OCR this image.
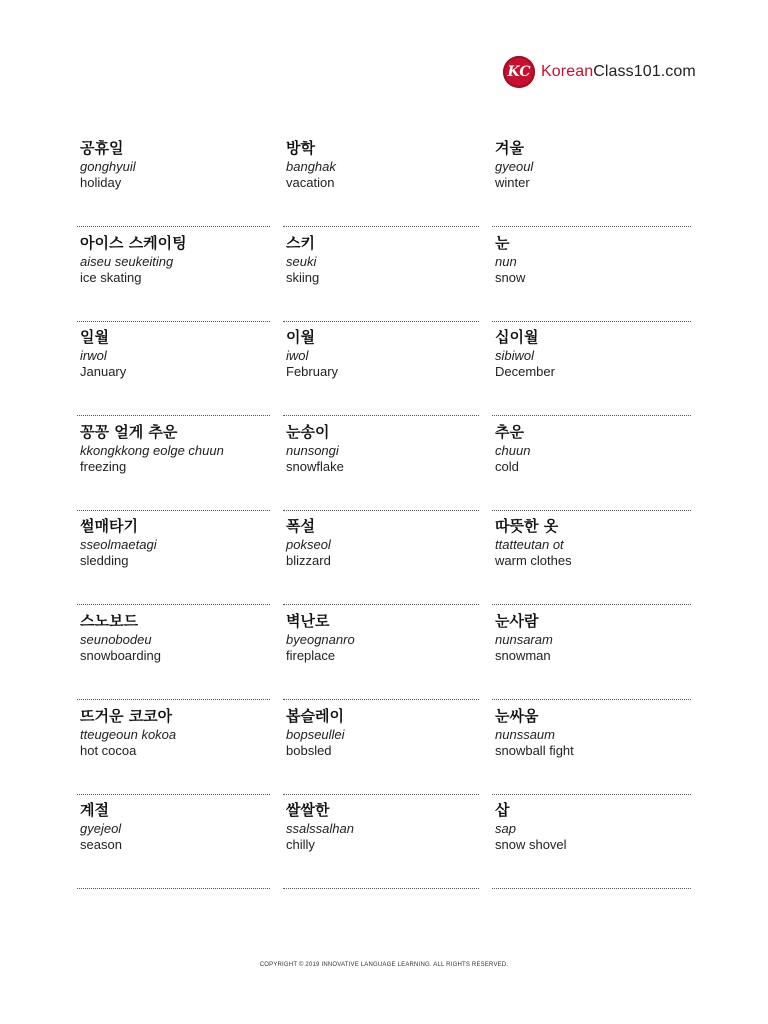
KC KoreanClass101.com
공휴일
gonghyuil
holiday
방학
banghak
vacation
겨울
gyeoul
winter
아이스 스케이팅
aiseu seukeiting
ice skating
스키
seuki
skiing
눈
nun
snow
일월
irwol
January
이월
iwol
February
십이월
sibiwol
December
꽁꽁 얼게 추운
kkongkkong eolge chuun
freezing
눈송이
nunsongi
snowflake
추운
chuun
cold
썰매타기
sseolmaetagi
sledding
폭설
pokseol
blizzard
따뜻한 옷
ttatteutan ot
warm clothes
스노보드
seunobodeu
snowboarding
벽난로
byeognanro
fireplace
눈사람
nunsaram
snowman
뜨거운 코코아
tteugeoun kokoa
hot cocoa
봅슬레이
bopseullei
bobsled
눈싸움
nunssaum
snowball fight
계절
gyejeol
season
쌀쌀한
ssalssalhan
chilly
삽
sap
snow shovel
COPYRIGHT © 2019 INNOVATIVE LANGUAGE LEARNING. ALL RIGHTS RESERVED.
